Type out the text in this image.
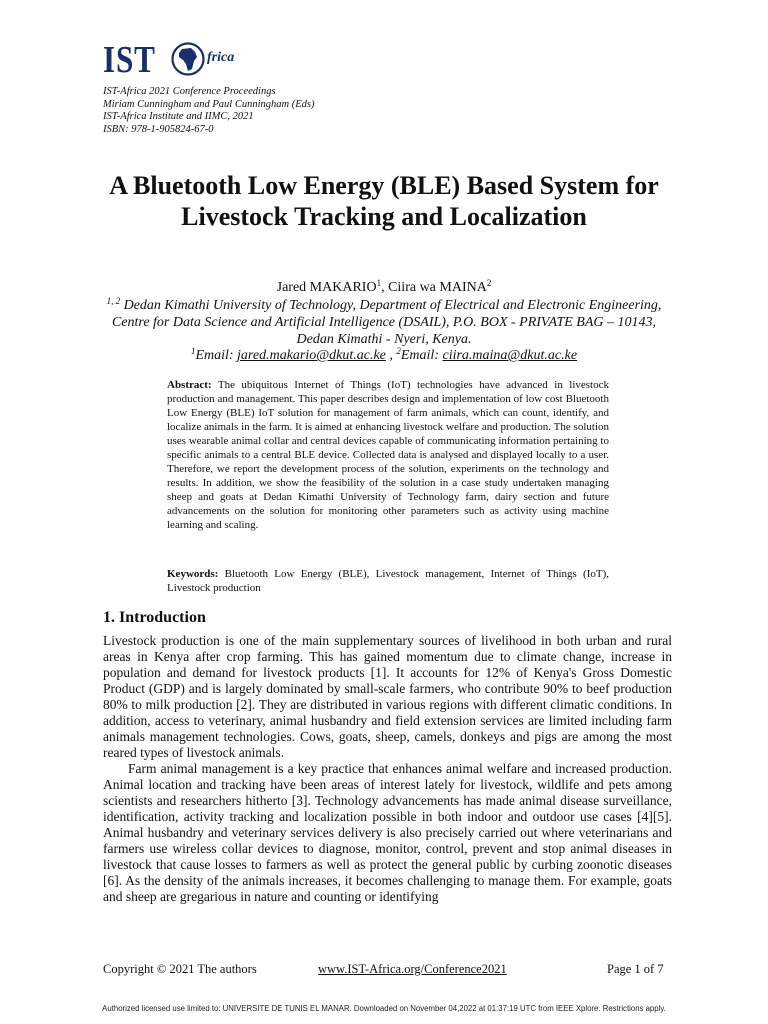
IST	frica
IST-Africa 2021 Conference Proceedings
Miriam Cunningham and Paul Cunningham (Eds)
IST-Africa Institute and IIMC, 2021
ISBN: 978-1-905824-67-0
A Bluetooth Low Energy (BLE) Based System for Livestock Tracking and Localization
Jared MAKARIO$^1$, Ciira wa MAINA$^2$
$^{1, 2}$ Dedan Kimathi University of Technology, Department of Electrical and Electronic Engineering, Centre for Data Science and Artificial Intelligence (DSAIL), P.O. BOX - PRIVATE BAG – 10143, Dedan Kimathi - Nyeri, Kenya.
$^1$Email: jared.makario@dkut.ac.ke , $^2$Email: ciira.maina@dkut.ac.ke
Abstract: The ubiquitous Internet of Things (IoT) technologies have advanced in livestock production and management. This paper describes design and implementation of low cost Bluetooth Low Energy (BLE) IoT solution for management of farm animals, which can count, identify, and localize animals in the farm. It is aimed at enhancing livestock welfare and production. The solution uses wearable animal collar and central devices capable of communicating information pertaining to specific animals to a central BLE device. Collected data is analysed and displayed locally to a user. Therefore, we report the development process of the solution, experiments on the technology and results. In addition, we show the feasibility of the solution in a case study undertaken managing sheep and goats at Dedan Kimathi University of Technology farm, dairy section and future advancements on the solution for monitoring other parameters such as activity using machine learning and scaling.
Keywords: Bluetooth Low Energy (BLE), Livestock management, Internet of Things (IoT), Livestock production
1. Introduction

Livestock production is one of the main supplementary sources of livelihood in both urban and rural areas in Kenya after crop farming. This has gained momentum due to climate change, increase in population and demand for livestock products [1]. It accounts for 12% of Kenya's Gross Domestic Product (GDP) and is largely dominated by small-scale farmers, who contribute 90% to beef production 80% to milk production [2]. They are distributed in various regions with different climatic conditions. In addition, access to veterinary, animal husbandry and field extension services are limited including farm animals management technologies. Cows, goats, sheep, camels, donkeys and pigs are among the most reared types of livestock animals.

Farm animal management is a key practice that enhances animal welfare and increased production. Animal location and tracking have been areas of interest lately for livestock, wildlife and pets among scientists and researchers hitherto [3]. Technology advancements has made animal disease surveillance, identification, activity tracking and localization possible in both indoor and outdoor use cases [4][5]. Animal husbandry and veterinary services delivery is also precisely carried out where veterinarians and farmers use wireless collar devices to diagnose, monitor, control, prevent and stop animal diseases in livestock that cause losses to farmers as well as protect the general public by curbing zoonotic diseases [6]. As the density of the animals increases, it becomes challenging to manage them. For example, goats and sheep are gregarious in nature and counting or identifying

Copyright © 2021 The authors	www.IST-Africa.org/Conference2021	Page 1 of 7
Authorized licensed use limited to: UNIVERSITE DE TUNIS EL MANAR. Downloaded on November 04,2022 at 01:37:19 UTC from IEEE Xplore. Restrictions apply.
